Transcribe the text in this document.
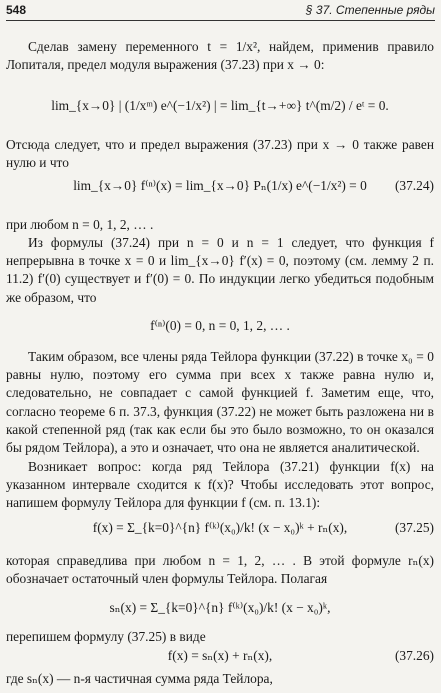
548	§ 37. Степенные ряды
Сделав замену переменного t = 1/x², найдем, применив правило Лопиталя, предел модуля выражения (37.23) при x → 0:
lim_{x→0} | (1/xᵐ) e^(−1/x²) | = lim_{t→+∞} t^(m/2) / eᵗ = 0.
Отсюда следует, что и предел выражения (37.23) при x → 0 также равен нулю и что
lim_{x→0} f⁽ⁿ⁾(x) = lim_{x→0} Pₙ(1/x) e^(−1/x²) = 0 (37.24)
при любом n = 0, 1, 2, … .
Из формулы (37.24) при n = 0 и n = 1 следует, что функция f непрерывна в точке x = 0 и lim_{x→0} f′(x) = 0, поэтому (см. лемму 2 п. 11.2) f′(0) существует и f′(0) = 0. По индукции легко убедиться подобным же образом, что
f⁽ⁿ⁾(0) = 0, n = 0, 1, 2, … .
Таким образом, все члены ряда Тейлора функции (37.22) в точке x₀ = 0 равны нулю, поэтому его сумма при всех x также равна нулю и, следовательно, не совпадает с самой функцией f. Заметим еще, что, согласно теореме 6 п. 37.3, функция (37.22) не может быть разложена ни в какой степенной ряд (так как если бы это было возможно, то он оказался бы рядом Тейлора), а это и означает, что она не является аналитической.
Возникает вопрос: когда ряд Тейлора (37.21) функции f(x) на указанном интервале сходится к f(x)? Чтобы исследовать этот вопрос, напишем формулу Тейлора для функции f (см. п. 13.1):
f(x) = Σ_{k=0}^{n} f⁽ᵏ⁾(x₀)/k! (x − x₀)ᵏ + rₙ(x),	(37.25)
которая справедлива при любом n = 1, 2, … . В этой формуле rₙ(x) обозначает остаточный член формулы Тейлора. Полагая
sₙ(x) = Σ_{k=0}^{n} f⁽ᵏ⁾(x₀)/k! (x − x₀)ᵏ,
перепишем формулу (37.25) в виде
f(x) = sₙ(x) + rₙ(x),	(37.26)
где sₙ(x) — n-я частичная сумма ряда Тейлора,
